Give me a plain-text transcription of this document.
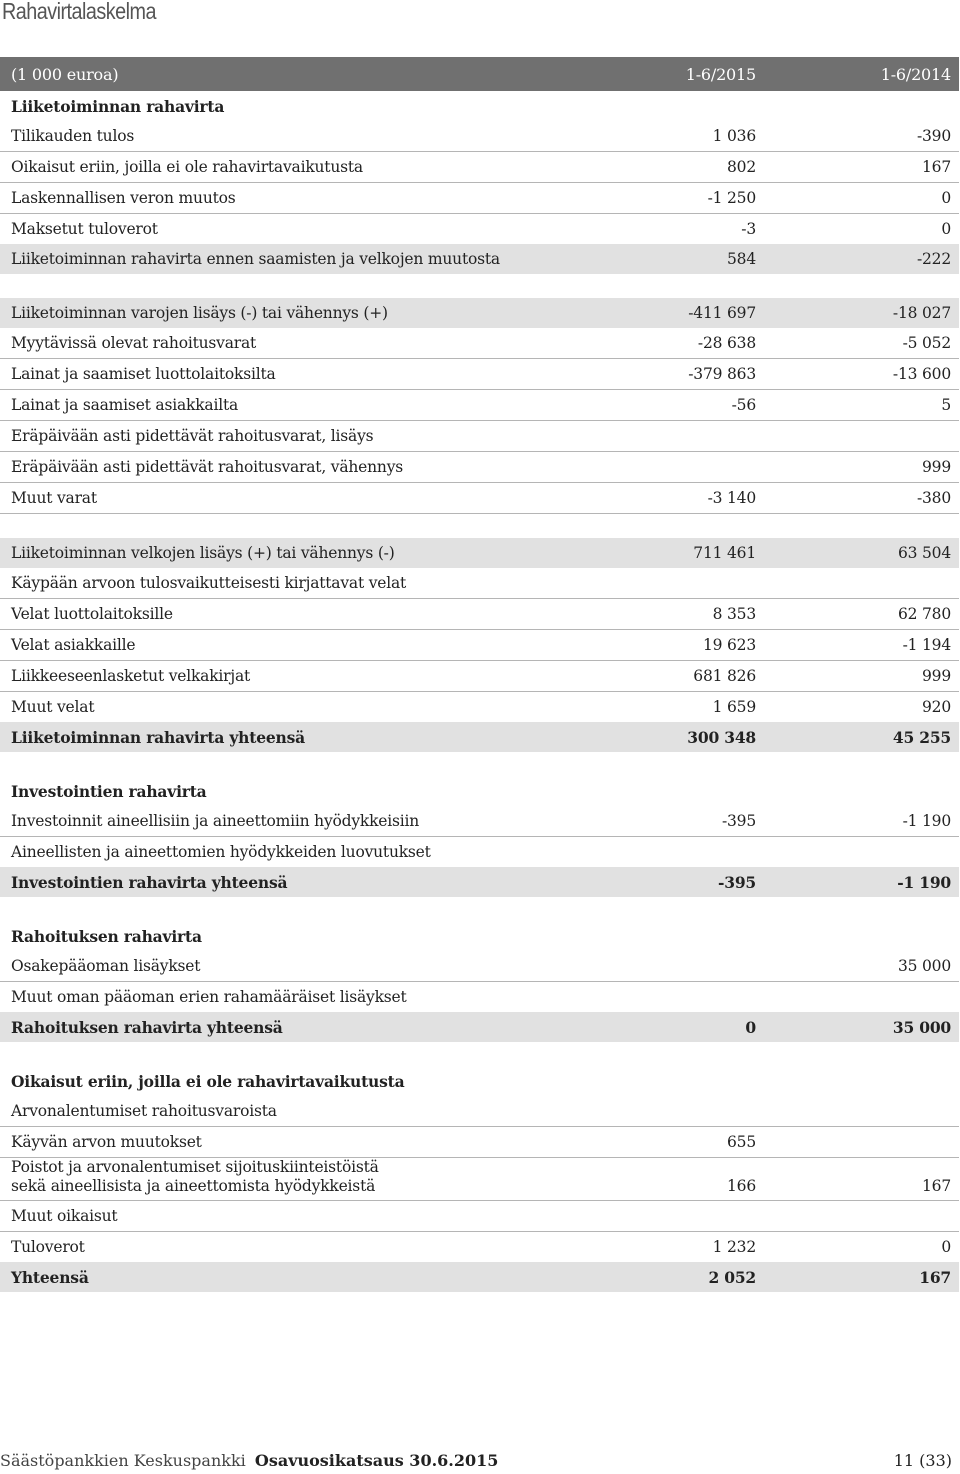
Rahavirtalaskelma
(1 000 euroa)	1-6/2015	1-6/2014
Liiketoiminnan rahavirta		
Tilikauden tulos	1 036	-390
Oikaisut eriin, joilla ei ole rahavirtavaikutusta	802	167
Laskennallisen veron muutos	-1 250	0
Maksetut tuloverot	-3	0
Liiketoiminnan rahavirta ennen saamisten ja velkojen muutosta	584	-222

Liiketoiminnan varojen lisäys (-) tai vähennys (+)	-411 697	-18 027
Myytävissä olevat rahoitusvarat	-28 638	-5 052
Lainat ja saamiset luottolaitoksilta	-379 863	-13 600
Lainat ja saamiset asiakkailta	-56	5
Eräpäivään asti pidettävät rahoitusvarat, lisäys		
Eräpäivään asti pidettävät rahoitusvarat, vähennys		999
Muut varat	-3 140	-380

Liiketoiminnan velkojen lisäys (+) tai vähennys (-)	711 461	63 504
Käypään arvoon tulosvaikutteisesti kirjattavat velat		
Velat luottolaitoksille	8 353	62 780
Velat asiakkaille	19 623	-1 194
Liikkeeseenlasketut velkakirjat	681 826	999
Muut velat	1 659	920
Liiketoiminnan rahavirta yhteensä	300 348	45 255

Investointien rahavirta		
Investoinnit aineellisiin ja aineettomiin hyödykkeisiin	-395	-1 190
Aineellisten ja aineettomien hyödykkeiden luovutukset		
Investointien rahavirta yhteensä	-395	-1 190

Rahoituksen rahavirta		
Osakepääoman lisäykset		35 000
Muut oman pääoman erien rahamääräiset lisäykset		
Rahoituksen rahavirta yhteensä	0	35 000

Oikaisut eriin, joilla ei ole rahavirtavaikutusta		
Arvonalentumiset rahoitusvaroista		
Käyvän arvon muutokset	655	
Poistot ja arvonalentumiset sijoituskiinteistöistä sekä aineellisista ja aineettomista hyödykkeistä	166	167
Muut oikaisut		
Tuloverot	1 232	0
Yhteensä	2 052	167
Säästöpankkien Keskuspankki Osavuosikatsaus 30.6.2015	11 (33)
